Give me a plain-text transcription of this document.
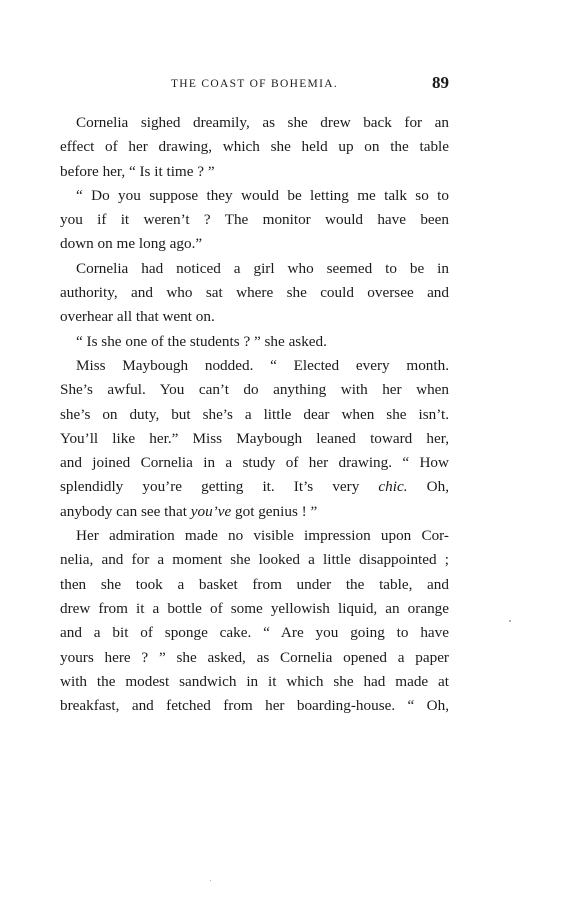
THE COAST OF BOHEMIA.	89
Cornelia sighed dreamily, as she drew back for an
effect of her drawing, which she held up on the table
before her, “ Is it time ? ”
“ Do you suppose they would be letting me talk so to
you if it weren’t ? The monitor would have been
down on me long ago.”
Cornelia had noticed a girl who seemed to be in
authority, and who sat where she could oversee and
overhear all that went on.
“ Is she one of the students ? ” she asked.
Miss Maybough nodded. “ Elected every month.
She’s awful. You can’t do anything with her when
she’s on duty, but she’s a little dear when she isn’t.
You’ll like her.” Miss Maybough leaned toward her,
and joined Cornelia in a study of her drawing. “ How
splendidly you’re getting it. It’s very chic. Oh,
anybody can see that you’ve got genius ! ”
Her admiration made no visible impression upon Cor-
nelia, and for a moment she looked a little disappointed ;
then she took a basket from under the table, and
drew from it a bottle of some yellowish liquid, an orange
and a bit of sponge cake. “ Are you going to have
yours here ? ” she asked, as Cornelia opened a paper
with the modest sandwich in it which she had made at
breakfast, and fetched from her boarding-house. “ Oh,
